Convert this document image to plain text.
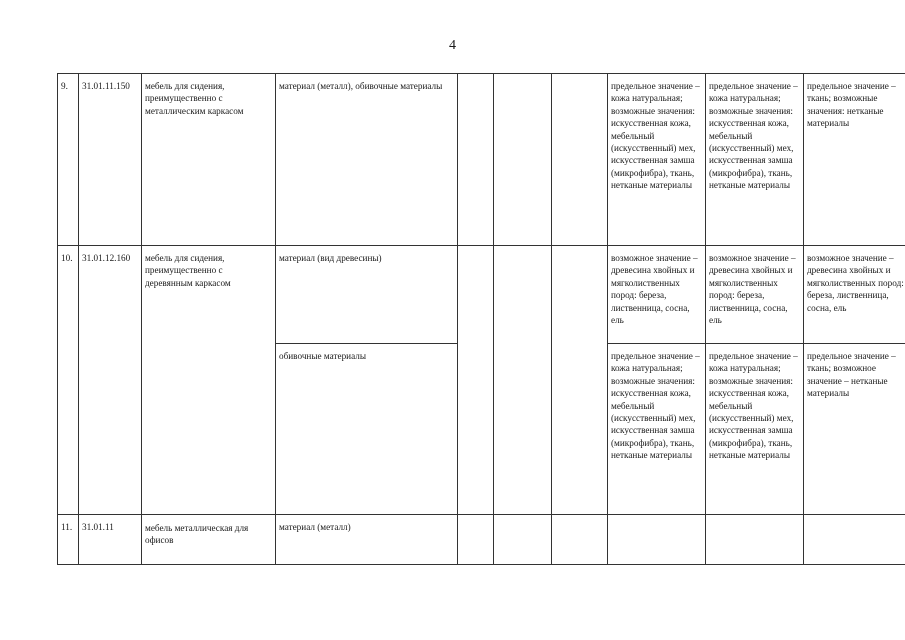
4
9.	31.01.11.150	мебель для сидения, преимущественно с металлическим каркасом	материал (металл), обивочные материалы				предельное значение – кожа натуральная; возможные значения: искусственная кожа, мебельный (искусственный) мех, искусственная замша (микрофибра), ткань, нетканые материалы	предельное значение – кожа натуральная; возможные значения: искусственная кожа, мебельный (искусственный) мех, искусственная замша (микрофибра), ткань, нетканые материалы	предельное значение – ткань; возможные значения: нетканые материалы
10.	31.01.12.160	мебель для сидения, преимущественно с деревянным каркасом	материал (вид древесины)				возможное значение – древесина хвойных и мягколиственных пород: береза, лиственница, сосна, ель	возможное значение – древесина хвойных и мягколиственных пород: береза, лиственница, сосна, ель	возможное значение – древесина хвойных и мягколиственных пород: береза, лиственница, сосна, ель
			обивочные материалы				предельное значение – кожа натуральная; возможные значения: искусственная кожа, мебельный (искусственный) мех, искусственная замша (микрофибра), ткань, нетканые материалы	предельное значение – кожа натуральная; возможные значения: искусственная кожа, мебельный (искусственный) мех, искусственная замша (микрофибра), ткань, нетканые материалы	предельное значение – ткань; возможное значение – нетканые материалы
11.	31.01.11	мебель металлическая для офисов	материал (металл)						
